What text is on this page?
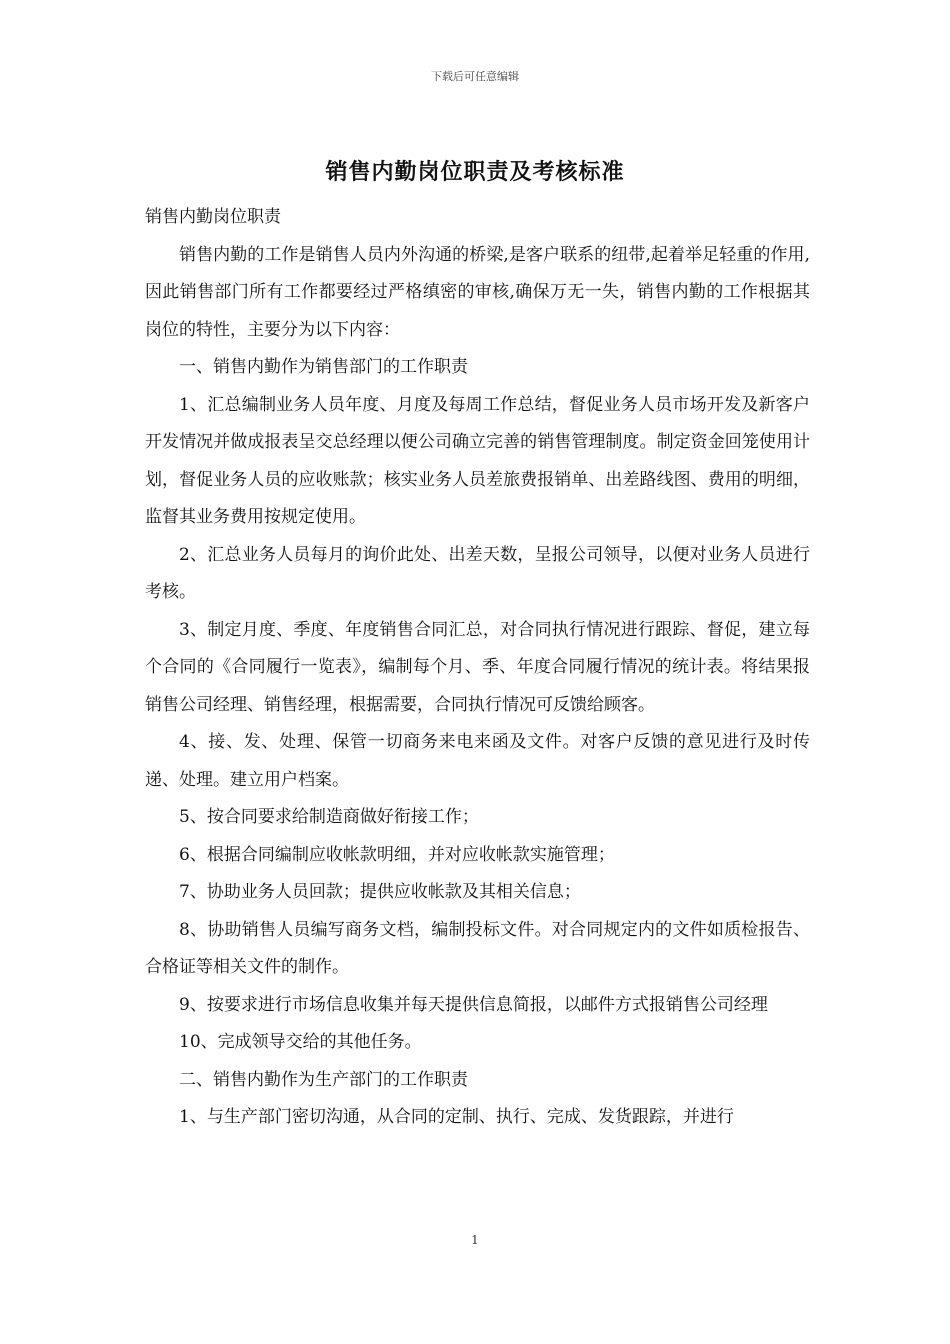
下载后可任意编辑
销售内勤岗位职责及考核标准

销售内勤岗位职责

销售内勤的工作是销售人员内外沟通的桥梁,是客户联系的纽带,起着举足轻重的作用,因此销售部门所有工作都要经过严格缜密的审核,确保万无一失，销售内勤的工作根据其岗位的特性，主要分为以下内容：

一、销售内勤作为销售部门的工作职责

1、汇总编制业务人员年度、月度及每周工作总结，督促业务人员市场开发及新客户开发情况并做成报表呈交总经理以便公司确立完善的销售管理制度。制定资金回笼使用计划，督促业务人员的应收账款；核实业务人员差旅费报销单、出差路线图、费用的明细，监督其业务费用按规定使用。

2、汇总业务人员每月的询价此处、出差天数，呈报公司领导，以便对业务人员进行考核。

3、制定月度、季度、年度销售合同汇总，对合同执行情况进行跟踪、督促，建立每个合同的《合同履行一览表》，编制每个月、季、年度合同履行情况的统计表。将结果报销售公司经理、销售经理，根据需要，合同执行情况可反馈给顾客。

4、接、发、处理、保管一切商务来电来函及文件。对客户反馈的意见进行及时传递、处理。建立用户档案。

5、按合同要求给制造商做好衔接工作；

6、根据合同编制应收帐款明细，并对应收帐款实施管理；

7、协助业务人员回款；提供应收帐款及其相关信息；

8、协助销售人员编写商务文档，编制投标文件。对合同规定内的文件如质检报告、合格证等相关文件的制作。

9、按要求进行市场信息收集并每天提供信息简报，以邮件方式报销售公司经理

10、完成领导交给的其他任务。

二、销售内勤作为生产部门的工作职责

1、与生产部门密切沟通，从合同的定制、执行、完成、发货跟踪，并进行

1
